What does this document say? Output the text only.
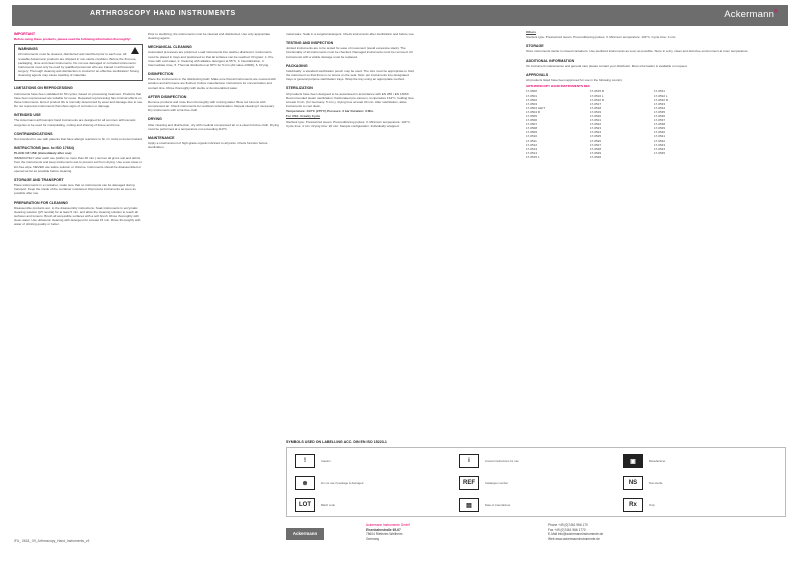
ARTHROSCOPY HAND INSTRUMENTS	Ackermann®
IMPORTANT

Before using these products, please read the following information thoroughly!

WARNINGS

All instruments must be cleaned, disinfected and sterilized prior to each use. All reusable Ackermann products are shipped in non-sterile condition. Before the first use, packaging, rinse and clean instruments. Do not use damaged or corroded instruments. Instruments must only be used by qualified personnel who are trained in arthroscopic surgery. Thorough cleaning and disinfection is crucial for an effective sterilization! Strong cleansing agents may cause swelling of materials.

LIMITATIONS ON REPROCESSING

Instruments have been validated for 50 cycles, based on processing treatment. Products that have been reprocessed are suitable for reuse. Repeated reprocessing has minimal effects on these instruments. End of product life is normally determined by wear and damage due to use. Do not reprocess instruments that show signs of corrosion or damage.

INTENDED USE

The Ackermann arthroscopic hand instruments are designed for all common arthroscopic surgeries to be used for manipulating, cutting and shaving of tissue and bone.

CONTRAINDICATIONS

Not intended for use with patients that have allergic reactions to Ni, Cr, limits to known hazard.

INSTRUCTIONS (acc. to ISO 17664)

PLACE OF USE (immediately after use)

IMMEDIATELY after each use (within no more than 30 min.) remove all gross soil and debris from the instruments and keep instruments wet to prevent soil from drying. Use a wet towel or lint-free wipe. NEVER use saline solution or chlorine. Instruments should be disassembled or opened as far as possible before cleaning.

STORAGE AND TRANSPORT

Place instruments in a container, make sure that no instruments can be damaged during transport. Keep the inside of the container moistened. Reprocess instruments as soon as possible after use.

PREPARATION FOR CLEANING

Disassemble products acc. to the disassembly instructions. Soak instruments in enzymatic cleaning solution (pH neutral) for at least 5 min. and allow the cleaning solution to reach all surfaces and lumens. Brush all accessible surfaces with a soft brush. Rinse thoroughly with clean water. Use ultrasonic cleaning with detergent for at least 15 min. Rinse thoroughly with water of drinking quality or better.

Prior to sterilizing, the instruments must be cleaned and disinfected. Use only appropriate cleaning agents.

MECHANICAL CLEANING

Automated processes are preferred. Load instruments into washer-disinfector. Instruments must be placed in trays and positioned so that all surfaces can be reached. Program: 1. Pre-rinse with cold water, 2. Cleaning with alkaline detergent at 55°C, 3. Neutralization, 4. Intermediate rinse, 5. Thermal disinfection at 90°C for 5 min (A0 value ≥3000), 6. Drying.

DISINFECTION

Place the instruments in the disinfecting bath. Make sure that all instruments are covered with solution and all lumens are flushed. Follow manufacturer instructions for concentration and contact time. Rinse thoroughly with sterile or demineralized water.

AFTER DISINFECTION

Remove products and rinse them thoroughly with running water. Blow out lumens with compressed air. Check instruments for residual contamination. Repeat cleaning if necessary. Dry instruments with a lint-free cloth.

DRYING

After cleaning and disinfection, dry with medical compressed air or a clean lint-free cloth. Drying must be performed at a temperature not exceeding 110°C.

MAINTENANCE

Apply a small amount of high-grade organic lubricant to all joints. Check function before sterilization.

metal-ware. Soak in a surgical detergent. Check instruments after sterilization and before use.

TESTING AND INSPECTION

Jointed instruments are to be tested for ease of movement (avoid excessive slack). The functionality of all instruments must be checked. Damaged instruments must be removed. All instruments with a visible damage must be replaced.

PACKAGING

Individually: a standard sterilization pouch may be used. The size must be appropriate to hold the instrument so that there is no stress on the seal. Sets: put instruments into designated trays or general purpose sterilization trays. Wrap the tray using an appropriate method.

STERILIZATION

All products have been designed to be autoclaved in accordance with EN 285 / EN 13060. Recommended steam sterilization: fractionated pre-vacuum, temperature 134°C, holding time at least 3 min. (for Germany: 5 min.), drying time at least 20 min. After sterilization, allow instruments to cool down.

Temperature: 134°C (275°F) Pressure: 3 bar Duration: 3 Min.

For USA: Gravity Cycle

Sterilant type: Pressurized steam. Preconditioning pulses: 3. Minimum temperature: 132°C. Cycle time: 4 min. Drying time: 20 min. Sample configuration: Individually wrapped.

Others

Sterilant type: Pressurized steam. Preconditioning pulses: 3. Minimum temperature: 132°C. Cycle time: 4 min.

STORAGE

Store instruments sterile in closed containers. Use sterilized instruments as soon as possible. Store in a dry, clean and dust-free environment at room temperature.

ADDITIONAL INFORMATION

On instrument maintenance and general care please contact your distributor. More information is available on request.

APPROVALS

All products listed have been approved for use in the following country:

ARTHROSCOPY HAND INSTRUMENTS REF

17-0500	17-0515 R	17-0531
17-0501	17-0516 L	17-0532 L
17-0502	17-0516 R	17-0532 R
17-0503	17-0517	17-0533
17-0504 LEFT	17-0518	17-0534
17-0504 R	17-0519	17-0535
17-0505	17-0520	17-0536
17-0506	17-0521	17-0537
17-0507	17-0522	17-0538
17-0508	17-0523	17-0539
17-0509	17-0524	17-0540
17-0510	17-0525	17-0541
17-0511	17-0526	17-0542
17-0512	17-0527	17-0543
17-0513	17-0528	17-0544
17-0514	17-0529	17-0545
17-0515 L	17-0530
SYMBOLS USED ON LABELLING ACC. DIN EN ISO 15223-1
!	Caution	i	Consult instructions for use	▣	Manufacturer
⊗	Do not use if package is damaged	REF	Catalogue number	NS	Non-sterile
LOT	Batch code	▤	Date of manufacture	Rx	Only
Ackermann
Ackermann Instrumente GmbH
Eisenbahnstraße 65-67
78604 Rietheim-Weilheim
Germany
Phone +49 (0)7461 966 170
Fax +49 (0)7461 966 1770
E-Mail info@ackermanninstrumente.de
Web www.ackermanninstrumente.de
IFU_ 0618_ 09_Arthroscopy_Hand_Instruments_v3
